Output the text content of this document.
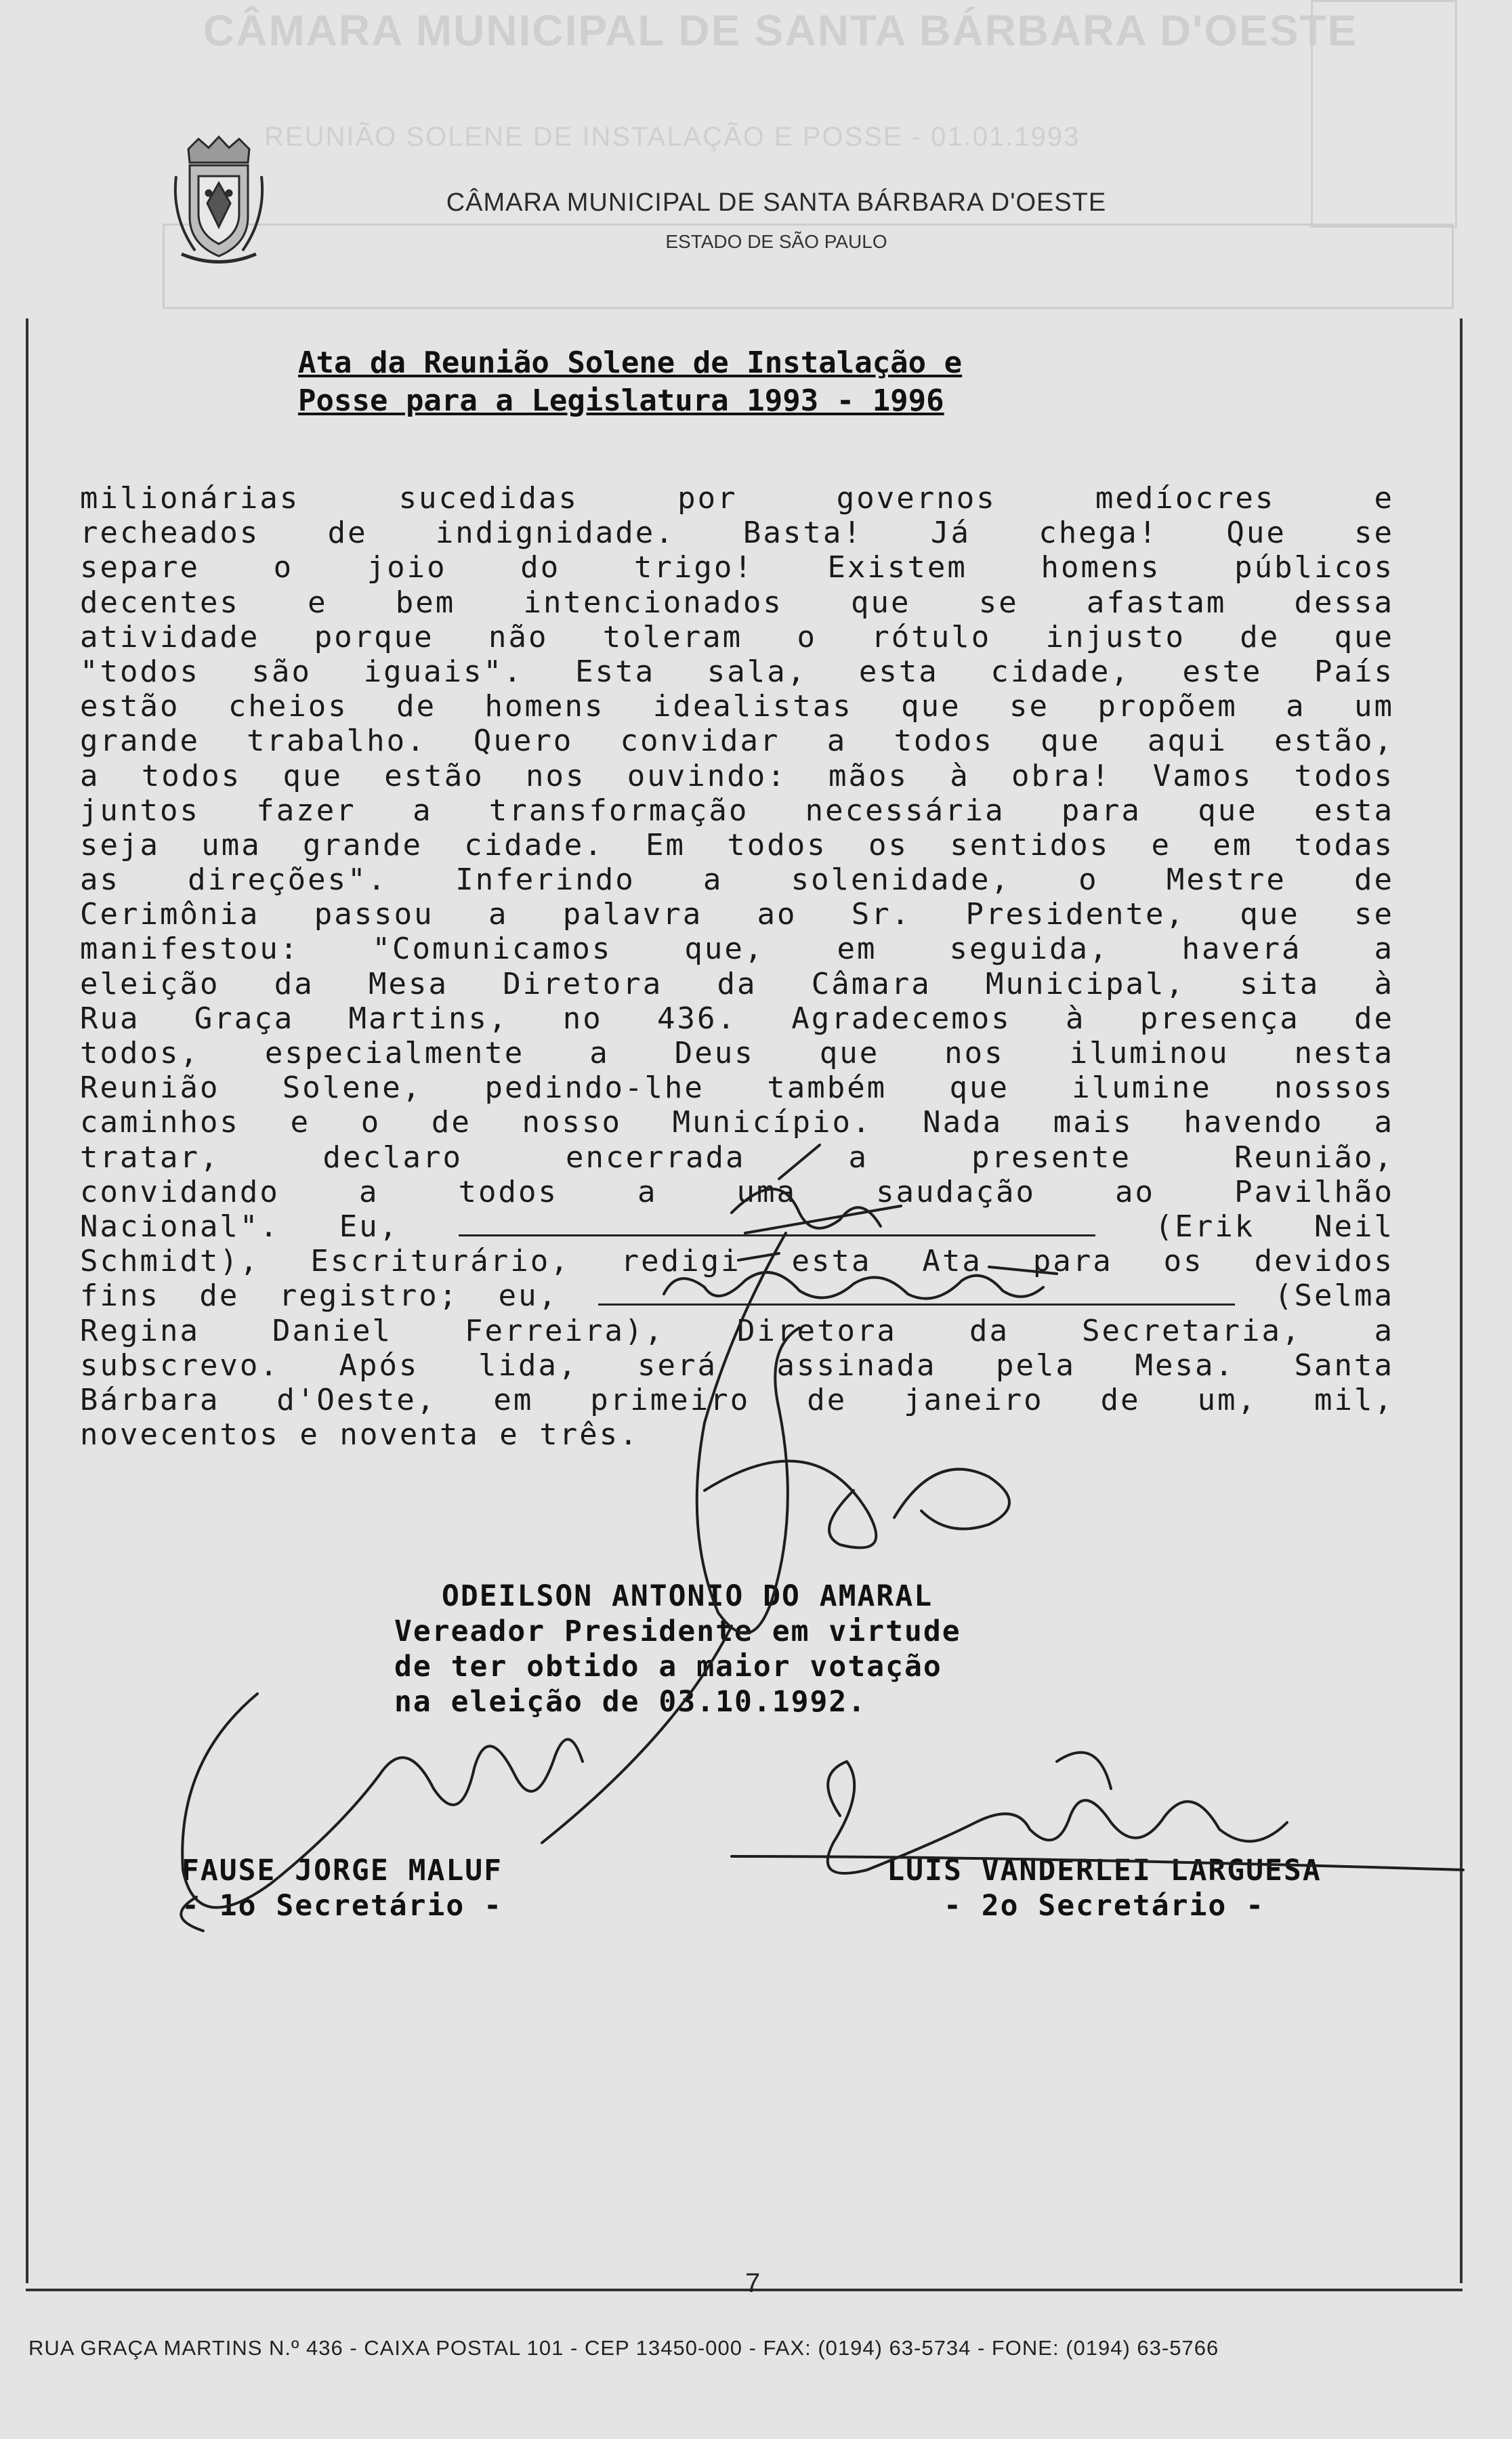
CÂMARA MUNICIPAL DE SANTA BÁRBARA D'OESTE
REUNIÃO SOLENE DE INSTALAÇÃO E POSSE - 01.01.1993
CÂMARA MUNICIPAL DE SANTA BÁRBARA D'OESTE
ESTADO DE SÃO PAULO
Ata da Reunião Solene de Instalação e
Posse para a Legislatura 1993 - 1996
milionárias sucedidas por governos medíocres e
recheados de indignidade. Basta! Já chega! Que se
separe o joio do trigo! Existem homens públicos
decentes e bem intencionados que se afastam dessa
atividade porque não toleram o rótulo injusto de que
"todos são iguais". Esta sala, esta cidade, este País
estão cheios de homens idealistas que se propõem a um
grande trabalho. Quero convidar a todos que aqui estão,
a todos que estão nos ouvindo: mãos à obra! Vamos todos
juntos fazer a transformação necessária para que esta
seja uma grande cidade. Em todos os sentidos e em todas
as direções". Inferindo a solenidade, o Mestre de
Cerimônia passou a palavra ao Sr. Presidente, que se
manifestou: "Comunicamos que, em seguida, haverá a
eleição da Mesa Diretora da Câmara Municipal, sita à
Rua Graça Martins, no 436. Agradecemos à presença de
todos, especialmente a Deus que nos iluminou nesta
Reunião Solene, pedindo-lhe também que ilumine nossos
caminhos e o de nosso Município. Nada mais havendo a
tratar, declaro encerrada a presente Reunião,
convidando a todos a uma saudação ao Pavilhão
Nacional". Eu,	(Erik Neil
Schmidt), Escriturário, redigi esta Ata para os devidos
fins de registro; eu,	(Selma
Regina Daniel Ferreira), Diretora da Secretaria, a
subscrevo. Após lida, será assinada pela Mesa. Santa
Bárbara d'Oeste, em primeiro de janeiro de um, mil,
novecentos e noventa e três.
ODEILSON ANTONIO DO AMARAL
Vereador Presidente em virtude
de ter obtido a maior votação
na eleição de 03.10.1992.
FAUSE JORGE MALUF
- 1o Secretário -
LUIS VANDERLEI LARGUESA
- 2o Secretário -
7
RUA GRAÇA MARTINS N.º 436 - CAIXA POSTAL 101 - CEP 13450-000 - FAX: (0194) 63-5734 - FONE: (0194) 63-5766
